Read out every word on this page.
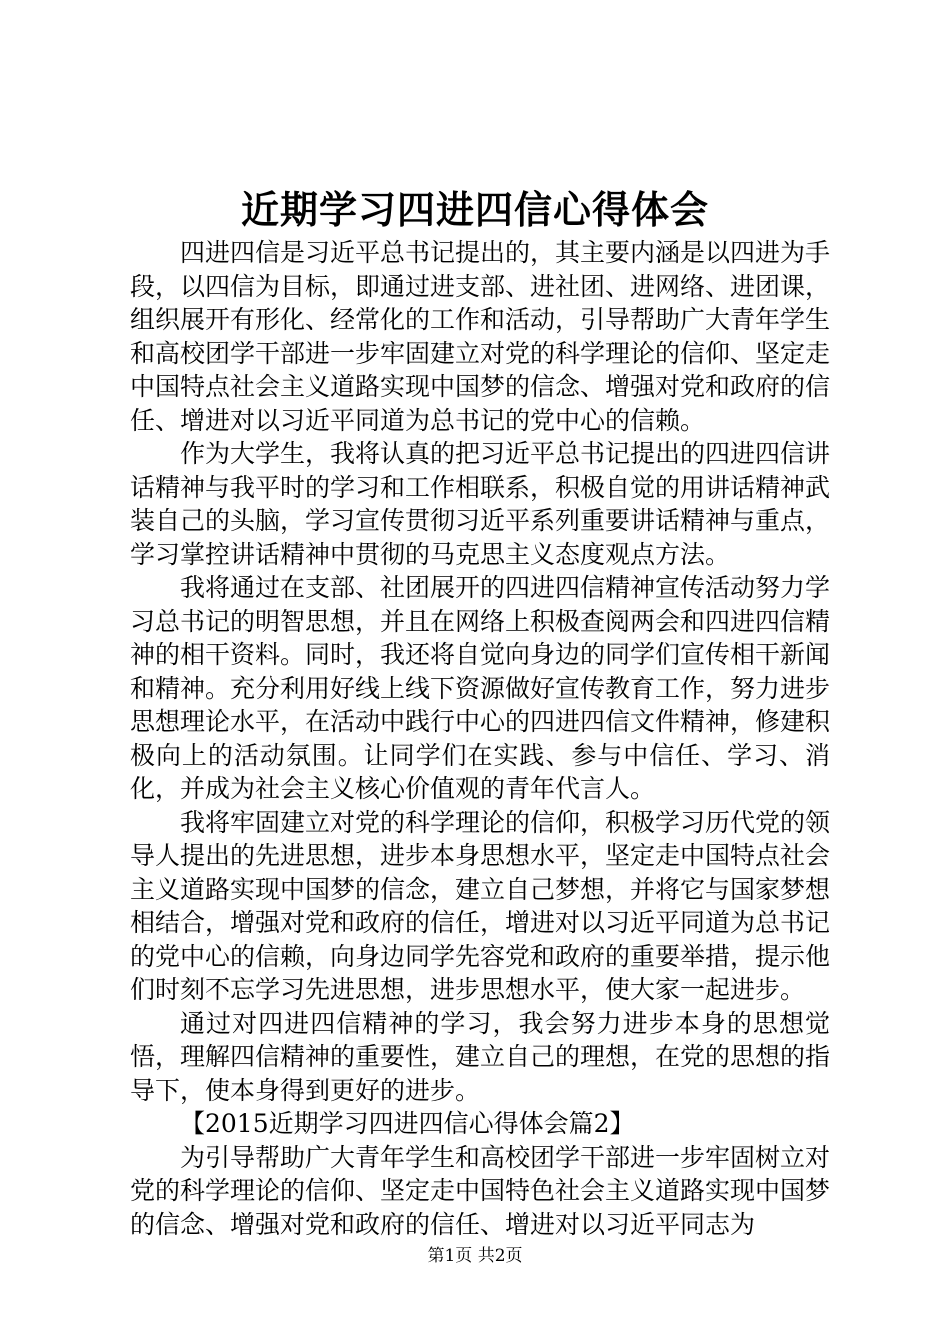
近期学习四进四信心得体会

四进四信是习近平总书记提出的，其主要内涵是以四进为手段，以四信为目标，即通过进支部、进社团、进网络、进团课，组织展开有形化、经常化的工作和活动，引导帮助广大青年学生和高校团学干部进一步牢固建立对党的科学理论的信仰、坚定走中国特点社会主义道路实现中国梦的信念、增强对党和政府的信任、增进对以习近平同道为总书记的党中心的信赖。

作为大学生，我将认真的把习近平总书记提出的四进四信讲话精神与我平时的学习和工作相联系，积极自觉的用讲话精神武装自己的头脑，学习宣传贯彻习近平系列重要讲话精神与重点，学习掌控讲话精神中贯彻的马克思主义态度观点方法。

我将通过在支部、社团展开的四进四信精神宣传活动努力学习总书记的明智思想，并且在网络上积极查阅两会和四进四信精神的相干资料。同时，我还将自觉向身边的同学们宣传相干新闻和精神。充分利用好线上线下资源做好宣传教育工作，努力进步思想理论水平，在活动中践行中心的四进四信文件精神，修建积极向上的活动氛围。让同学们在实践、参与中信任、学习、消化，并成为社会主义核心价值观的青年代言人。

我将牢固建立对党的科学理论的信仰，积极学习历代党的领导人提出的先进思想，进步本身思想水平，坚定走中国特点社会主义道路实现中国梦的信念，建立自己梦想，并将它与国家梦想相结合，增强对党和政府的信任，增进对以习近平同道为总书记的党中心的信赖，向身边同学先容党和政府的重要举措，提示他们时刻不忘学习先进思想，进步思想水平，使大家一起进步。

通过对四进四信精神的学习，我会努力进步本身的思想觉悟，理解四信精神的重要性，建立自己的理想，在党的思想的指导下，使本身得到更好的进步。

【2015近期学习四进四信心得体会篇2】

为引导帮助广大青年学生和高校团学干部进一步牢固树立对党的科学理论的信仰、坚定走中国特色社会主义道路实现中国梦的信念、增强对党和政府的信任、增进对以习近平同志为

第1页 共2页
